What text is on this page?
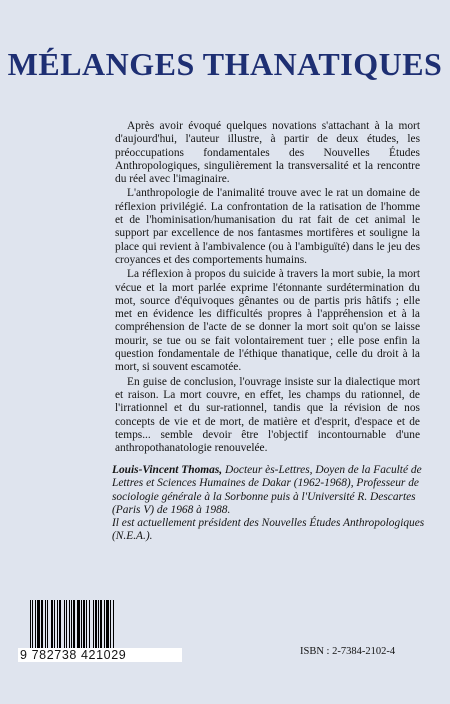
MÉLANGES THANATIQUES

Après avoir évoqué quelques novations s'attachant à la mort d'aujourd'hui, l'auteur illustre, à partir de deux études, les préoccupations fondamentales des Nouvelles Études Anthropologiques, singulièrement la transversalité et la rencontre du réel avec l'imaginaire.

L'anthropologie de l'animalité trouve avec le rat un domaine de réflexion privilégié. La confrontation de la ratisation de l'homme et de l'hominisation/humanisation du rat fait de cet animal le support par excellence de nos fantasmes mortifères et souligne la place qui revient à l'ambivalence (ou à l'ambiguïté) dans le jeu des croyances et des comportements humains.

La réflexion à propos du suicide à travers la mort subie, la mort vécue et la mort parlée exprime l'étonnante surdétermination du mot, source d'équivoques gênantes ou de partis pris hâtifs ; elle met en évidence les difficultés propres à l'appréhension et à la compréhension de l'acte de se donner la mort soit qu'on se laisse mourir, se tue ou se fait volontairement tuer ; elle pose enfin la question fondamentale de l'éthique thanatique, celle du droit à la mort, si souvent escamotée.

En guise de conclusion, l'ouvrage insiste sur la dialectique mort et raison. La mort couvre, en effet, les champs du rationnel, de l'irrationnel et du sur-rationnel, tandis que la révision de nos concepts de vie et de mort, de matière et d'esprit, d'espace et de temps... semble devoir être l'objectif incontournable d'une anthropothanatologie renouvelée.

Louis-Vincent Thomas, Docteur ès-Lettres, Doyen de la Faculté de Lettres et Sciences Humaines de Dakar (1962-1968), Professeur de sociologie générale à la Sorbonne puis à l'Université R. Descartes (Paris V) de 1968 à 1988.

Il est actuellement président des Nouvelles Études Anthropologiques (N.E.A.).

9 782738 421029	ISBN : 2-7384-2102-4
